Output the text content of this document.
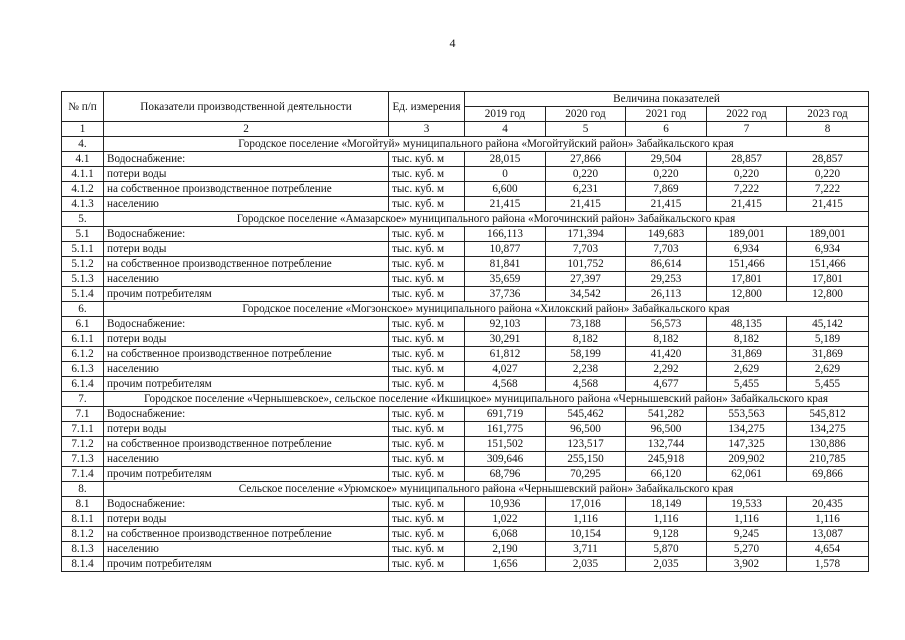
4
№ п/п	Показатели производственной деятельности	Ед. измерения	Величина показателей				
			2019 год	2020 год	2021 год	2022 год	2023 год
1	2	3	4	5	6	7	8
4.	Городское поселение «Могойтуй» муниципального района «Могойтуйский район» Забайкальского края						
4.1	Водоснабжение:	тыс. куб. м	28,015	27,866	29,504	28,857	28,857
4.1.1	потери воды	тыс. куб. м	0	0,220	0,220	0,220	0,220
4.1.2	на собственное производственное потребление	тыс. куб. м	6,600	6,231	7,869	7,222	7,222
4.1.3	населению	тыс. куб. м	21,415	21,415	21,415	21,415	21,415
5.	Городское поселение «Амазарское» муниципального района «Могочинский район» Забайкальского края						
5.1	Водоснабжение:	тыс. куб. м	166,113	171,394	149,683	189,001	189,001
5.1.1	потери воды	тыс. куб. м	10,877	7,703	7,703	6,934	6,934
5.1.2	на собственное производственное потребление	тыс. куб. м	81,841	101,752	86,614	151,466	151,466
5.1.3	населению	тыс. куб. м	35,659	27,397	29,253	17,801	17,801
5.1.4	прочим потребителям	тыс. куб. м	37,736	34,542	26,113	12,800	12,800
6.	Городское поселение «Могзонское» муниципального района «Хилокский район» Забайкальского края						
6.1	Водоснабжение:	тыс. куб. м	92,103	73,188	56,573	48,135	45,142
6.1.1	потери воды	тыс. куб. м	30,291	8,182	8,182	8,182	5,189
6.1.2	на собственное производственное потребление	тыс. куб. м	61,812	58,199	41,420	31,869	31,869
6.1.3	населению	тыс. куб. м	4,027	2,238	2,292	2,629	2,629
6.1.4	прочим потребителям	тыс. куб. м	4,568	4,568	4,677	5,455	5,455
7.	Городское поселение «Чернышевское», сельское поселение «Икшицкое» муниципального района «Чернышевский район» Забайкальского края						
7.1	Водоснабжение:	тыс. куб. м	691,719	545,462	541,282	553,563	545,812
7.1.1	потери воды	тыс. куб. м	161,775	96,500	96,500	134,275	134,275
7.1.2	на собственное производственное потребление	тыс. куб. м	151,502	123,517	132,744	147,325	130,886
7.1.3	населению	тыс. куб. м	309,646	255,150	245,918	209,902	210,785
7.1.4	прочим потребителям	тыс. куб. м	68,796	70,295	66,120	62,061	69,866
8.	Сельское поселение «Урюмское» муниципального района «Чернышевский район» Забайкальского края						
8.1	Водоснабжение:	тыс. куб. м	10,936	17,016	18,149	19,533	20,435
8.1.1	потери воды	тыс. куб. м	1,022	1,116	1,116	1,116	1,116
8.1.2	на собственное производственное потребление	тыс. куб. м	6,068	10,154	9,128	9,245	13,087
8.1.3	населению	тыс. куб. м	2,190	3,711	5,870	5,270	4,654
8.1.4	прочим потребителям	тыс. куб. м	1,656	2,035	2,035	3,902	1,578
